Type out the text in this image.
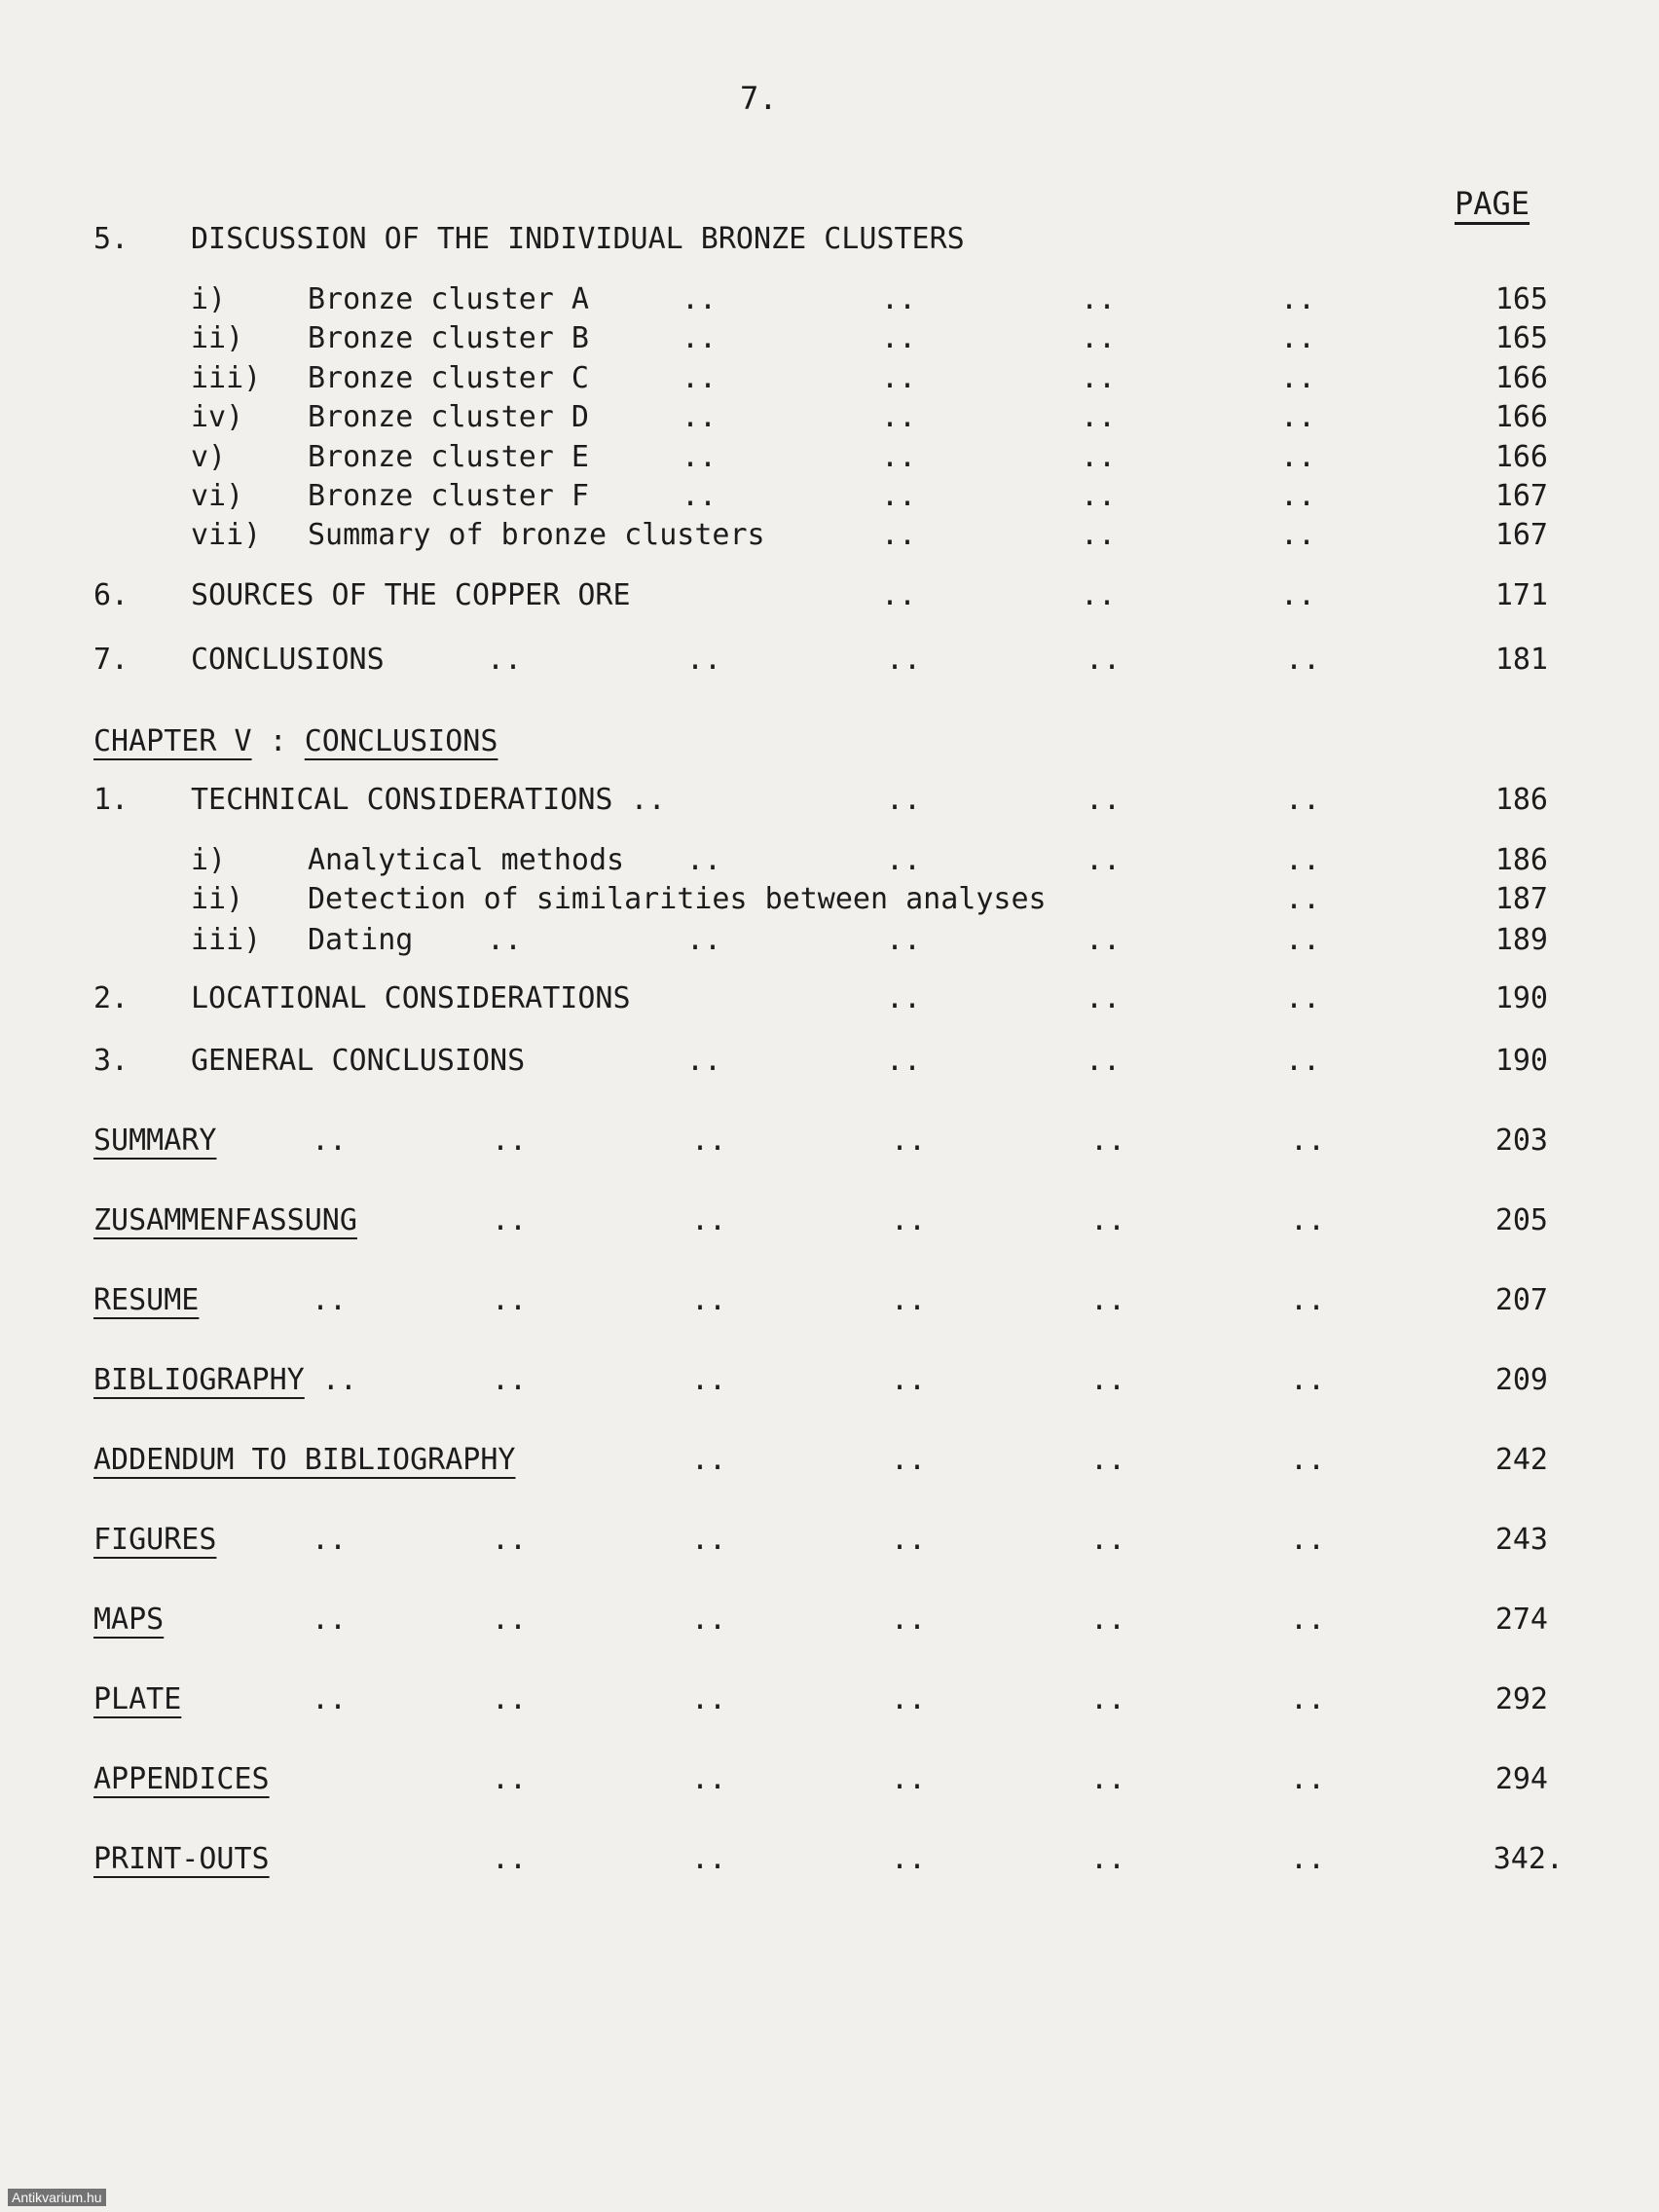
7.
PAGE
5. DISCUSSION OF THE INDIVIDUAL BRONZE CLUSTERS
i)	Bronze cluster A	..	..	..	..	165
ii) Bronze cluster B	..	..	..	..	165
iii) Bronze cluster C	..	..	..	..	166
iv) Bronze cluster D	..	..	..	..	166
v)	Bronze cluster E	..	..	..	..	166
vi) Bronze cluster F	..	..	..	..	167
vii) Summary of bronze clusters	..	..	..	167
6. SOURCES OF THE COPPER ORE	..	..	..	171
7. CONCLUSIONS	..	..	..	..	..	181
CHAPTER V : CONCLUSIONS
1. TECHNICAL CONSIDERATIONS ..	..	..	..	186
i)	Analytical methods ..	..	..	..	186
ii) Detection of similarities between analyses	..	187
iii) Dating	..	..	..	..	..	189
2. LOCATIONAL CONSIDERATIONS	..	..	..	190
3. GENERAL CONCLUSIONS	..	..	..	..	190
SUMMARY	..	..	..	..	..	..	203
ZUSAMMENFASSUNG	..	..	..	..	..	205
RESUME	..	..	..	..	..	..	207
BIBLIOGRAPHY ..	..	..	..	..	..	209
ADDENDUM TO BIBLIOGRAPHY	..	..	..	..	242
FIGURES	..	..	..	..	..	..	243
MAPS	..	..	..	..	..	..	274
PLATE	..	..	..	..	..	..	292
APPENDICES	..	..	..	..	..	294
PRINT-OUTS	..	..	..	..	..	342.
Antikvarium.hu
